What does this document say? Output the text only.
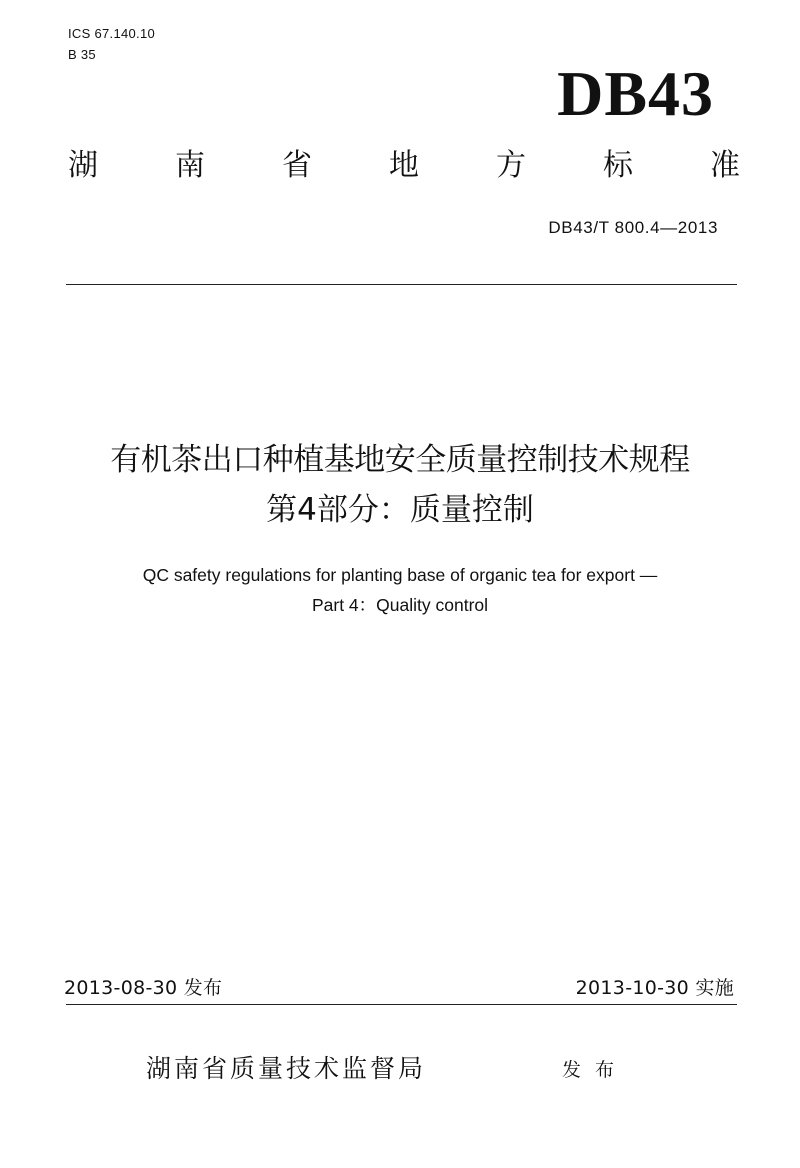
ICS 67.140.10
B 35
DB43
湖	南	省	地	方	标	准
DB43/T 800.4—2013
有机茶出口种植基地安全质量控制技术规程
第4部分：质量控制
QC safety regulations for planting base of organic tea for export —
Part 4：Quality control
2013-08-30 发布	2013-10-30 实施
湖南省质量技术监督局	发 布
